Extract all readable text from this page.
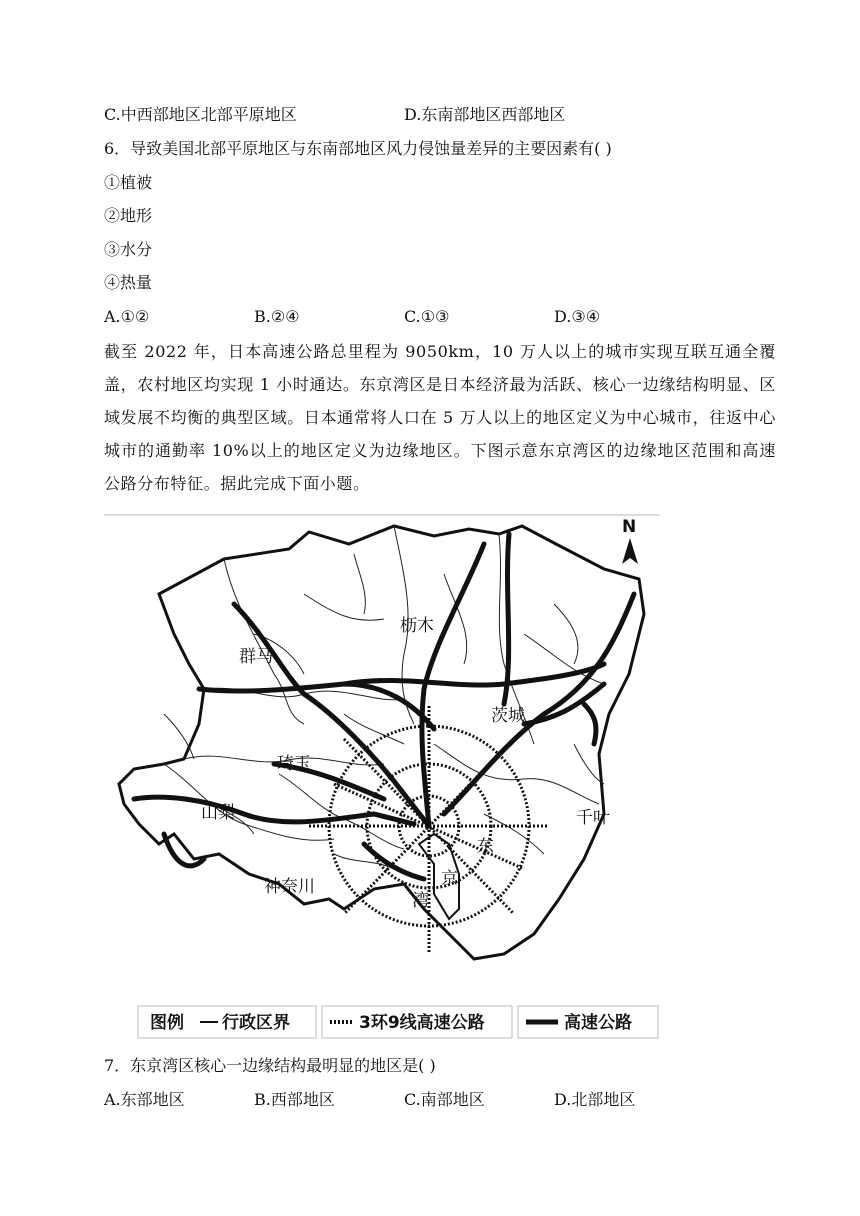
C.中西部地区北部平原地区	D.东南部地区西部地区
6．导致美国北部平原地区与东南部地区风力侵蚀量差异的主要因素有( )
①植被
②地形
③水分
④热量
A.①②	B.②④	C.①③	D.③④
截至 2022 年，日本高速公路总里程为 9050km，10 万人以上的城市实现互联互通全覆盖，农村地区均实现 1 小时通达。东京湾区是日本经济最为活跃、核心一边缘结构明显、区域发展不均衡的典型区域。日本通常将人口在 5 万人以上的地区定义为中心城市，往返中心城市的通勤率 10%以上的地区定义为边缘地区。下图示意东京湾区的边缘地区范围和高速公路分布特征。据此完成下面小题。
N
枥木
群马
茨城
琦玉
山梨	千叶
神奈川
东
京
湾
图例 行政区界	3环9线高速公路	高速公路
7．东京湾区核心一边缘结构最明显的地区是( )
A.东部地区	B.西部地区	C.南部地区	D.北部地区
